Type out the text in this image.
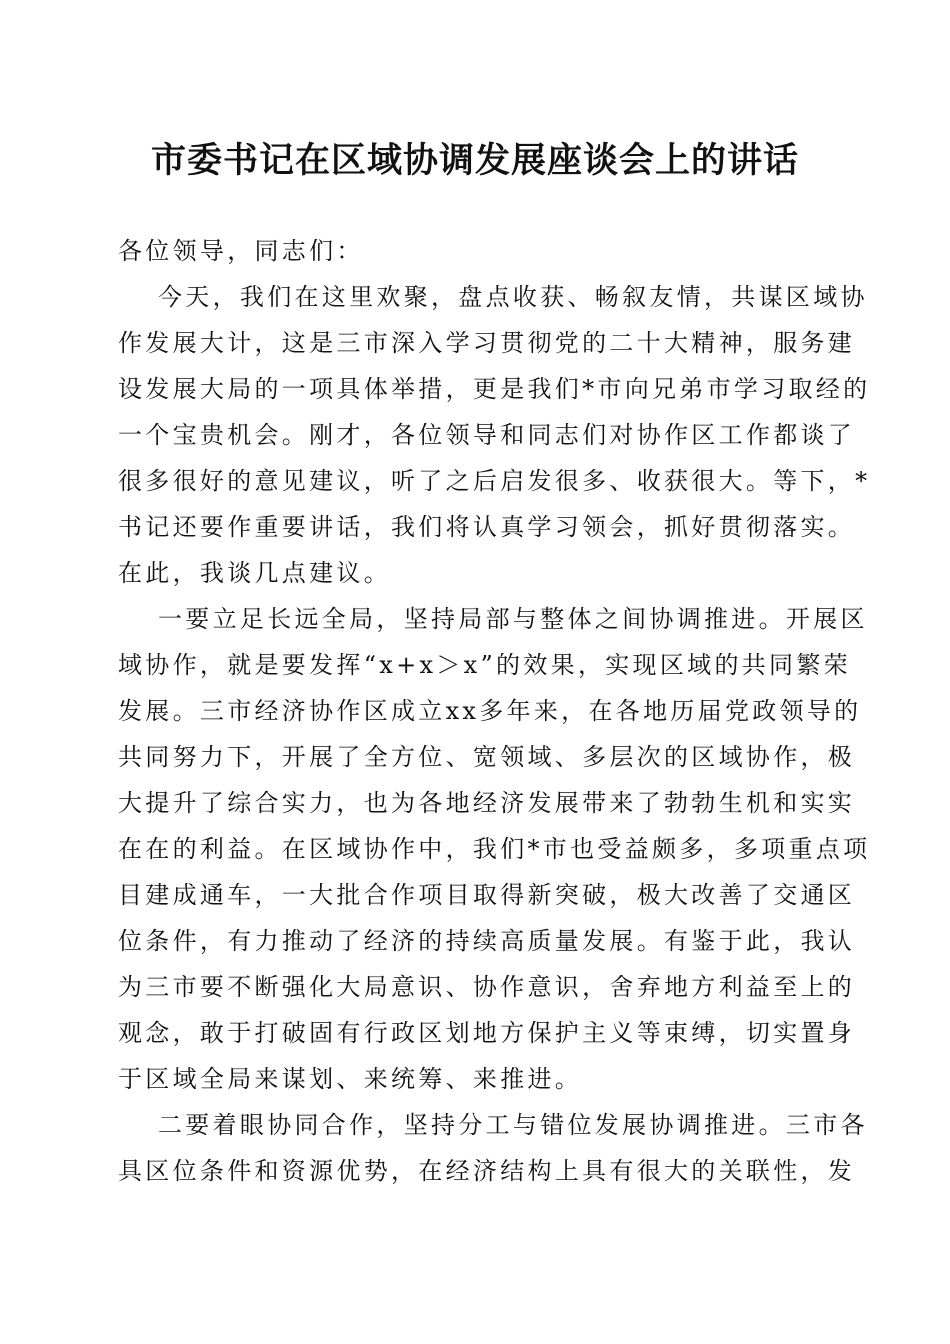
市委书记在区域协调发展座谈会上的讲话
各位领导，同志们：
今天，我们在这里欢聚，盘点收获、畅叙友情，共谋区域协
作发展大计，这是三市深入学习贯彻党的二十大精神，服务建
设发展大局的一项具体举措，更是我们*市向兄弟市学习取经的
一个宝贵机会。刚才，各位领导和同志们对协作区工作都谈了
很多很好的意见建议，听了之后启发很多、收获很大。等下，*
书记还要作重要讲话，我们将认真学习领会，抓好贯彻落实。
在此，我谈几点建议。
一要立足长远全局，坚持局部与整体之间协调推进。开展区
域协作，就是要发挥“x+x＞x”的效果，实现区域的共同繁荣
发展。三市经济协作区成立xx多年来，在各地历届党政领导的
共同努力下，开展了全方位、宽领域、多层次的区域协作，极
大提升了综合实力，也为各地经济发展带来了勃勃生机和实实
在在的利益。在区域协作中，我们*市也受益颇多，多项重点项
目建成通车，一大批合作项目取得新突破，极大改善了交通区
位条件，有力推动了经济的持续高质量发展。有鉴于此，我认
为三市要不断强化大局意识、协作意识，舍弃地方利益至上的
观念，敢于打破固有行政区划地方保护主义等束缚，切实置身
于区域全局来谋划、来统筹、来推进。
二要着眼协同合作，坚持分工与错位发展协调推进。三市各
具区位条件和资源优势，在经济结构上具有很大的关联性，发
